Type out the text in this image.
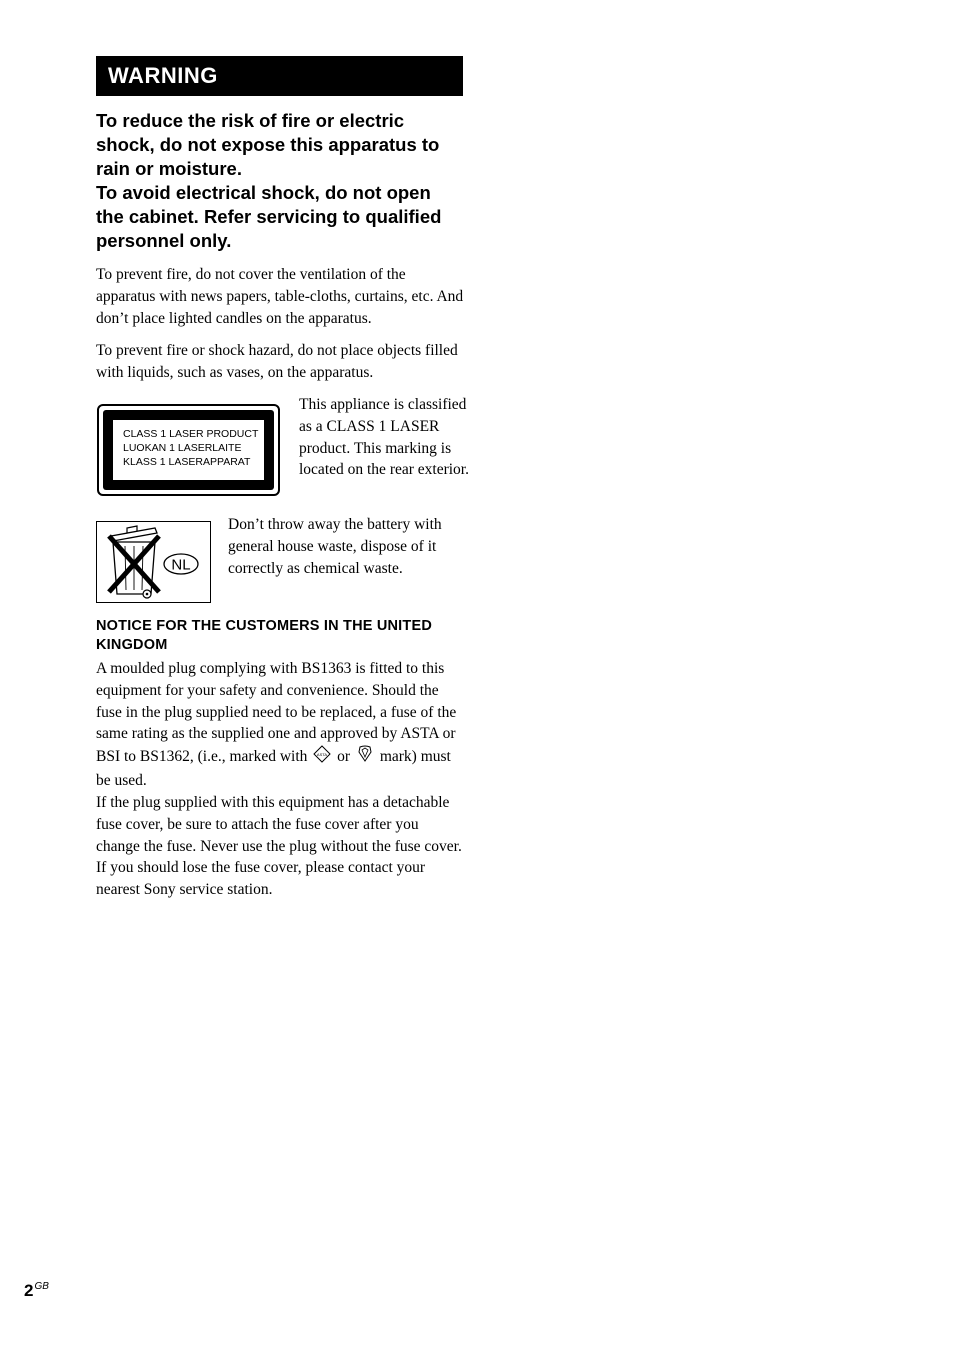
WARNING

To reduce the risk of fire or electric shock, do not expose this apparatus to rain or moisture.

To avoid electrical shock, do not open the cabinet. Refer servicing to qualified personnel only.

To prevent fire, do not cover the ventilation of the apparatus with news papers, table-cloths, curtains, etc. And don’t place lighted candles on the apparatus.

To prevent fire or shock hazard, do not place objects filled with liquids, such as vases, on the apparatus.

CLASS 1 LASER PRODUCT
LUOKAN 1 LASERLAITE
KLASS 1 LASERAPPARAT

This appliance is classified as a CLASS 1 LASER product. This marking is located on the rear exterior.

NL

Don’t throw away the battery with general house waste, dispose of it correctly as chemical waste.

NOTICE FOR THE CUSTOMERS IN THE UNITED KINGDOM

A moulded plug complying with BS1363 is fitted to this equipment for your safety and convenience. Should the fuse in the plug supplied need to be replaced, a fuse of the same rating as the supplied one and approved by ASTA or BSI to BS1362, (i.e., marked with ASTA or mark) must be used.

If the plug supplied with this equipment has a detachable fuse cover, be sure to attach the fuse cover after you change the fuse. Never use the plug without the fuse cover. If you should lose the fuse cover, please contact your nearest Sony service station.

$2^{GB}$
